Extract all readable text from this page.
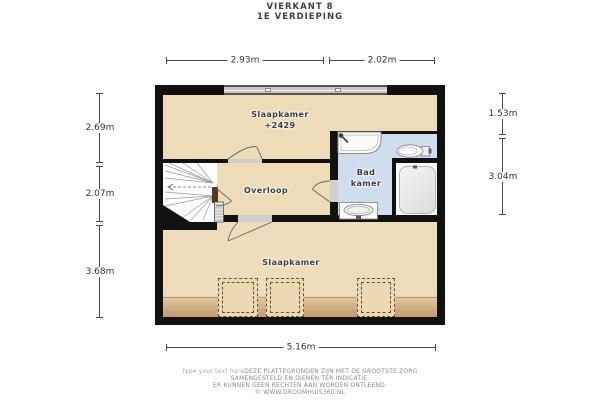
VIERKANT 8
1E VERDIEPING
2.93m	2.02m
2.69m
2.07m
3.68m
1.53m
3.04m
5.16m
Slaapkamer
+2429
Overloop
Bad
kamer
Slaapkamer
type your text hereDEZE PLATTEGRONDEN ZIJN MET DE GROOTSTE ZORG
SAMENGESTELD EN DIENEN TER INDICATIE.
ER KUNNEN GEEN RECHTEN AAN WORDEN ONTLEEND.
© WWW.DROOMHUIS360.NL
